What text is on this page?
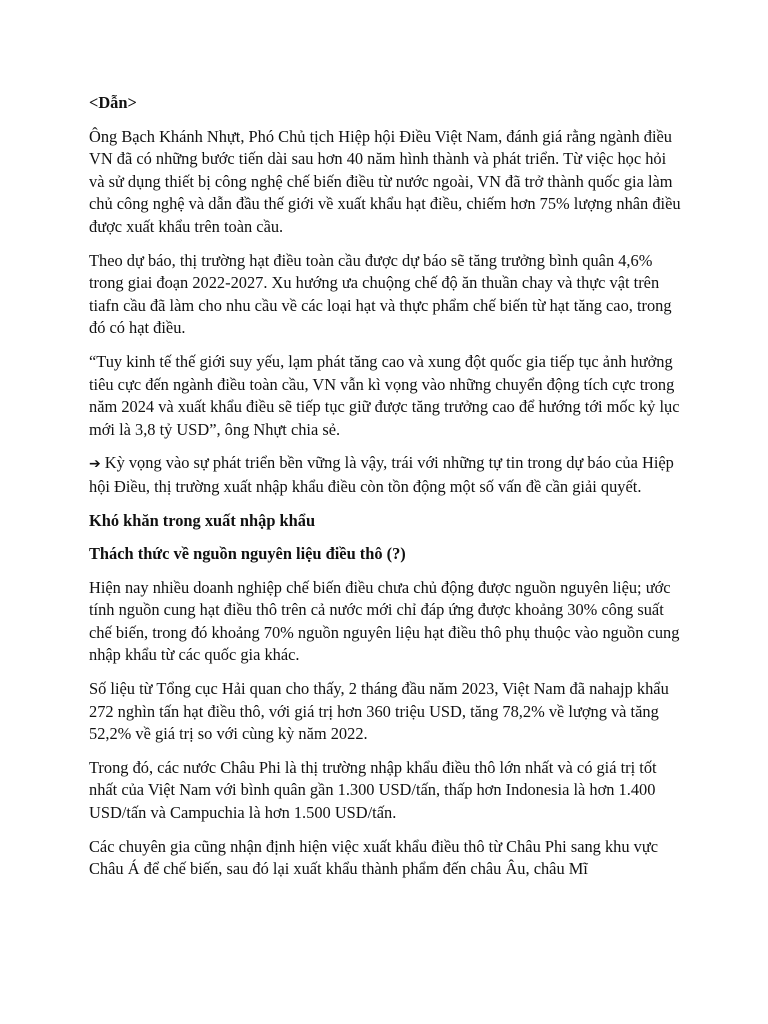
<Dẫn>

Ông Bạch Khánh Nhựt, Phó Chủ tịch Hiệp hội Điều Việt Nam, đánh giá rằng ngành điều VN đã có những bước tiến dài sau hơn 40 năm hình thành và phát triển. Từ việc học hỏi và sử dụng thiết bị công nghệ chế biến điều từ nước ngoài, VN đã trở thành quốc gia làm chủ công nghệ và dẫn đầu thế giới về xuất khẩu hạt điều, chiếm hơn 75% lượng nhân điều được xuất khẩu trên toàn cầu.

Theo dự báo, thị trường hạt điều toàn cầu được dự báo sẽ tăng trưởng bình quân 4,6% trong giai đoạn 2022-2027. Xu hướng ưa chuộng chế độ ăn thuần chay và thực vật trên tiafn cầu đã làm cho nhu cầu về các loại hạt và thực phẩm chế biến từ hạt tăng cao, trong đó có hạt điều.

“Tuy kinh tế thế giới suy yếu, lạm phát tăng cao và xung đột quốc gia tiếp tục ảnh hưởng tiêu cực đến ngành điều toàn cầu, VN vẫn kì vọng vào những chuyển động tích cực trong năm 2024 và xuất khẩu điều sẽ tiếp tục giữ được tăng trưởng cao để hướng tới mốc kỷ lục mới là 3,8 tỷ USD”, ông Nhựt chia sẻ.

➔ Kỳ vọng vào sự phát triển bền vững là vậy, trái với những tự tin trong dự báo của Hiệp hội Điều, thị trường xuất nhập khẩu điều còn tồn động một số vấn đề cần giải quyết.

Khó khăn trong xuất nhập khẩu

Thách thức về nguồn nguyên liệu điều thô (?)

Hiện nay nhiều doanh nghiệp chế biến điều chưa chủ động được nguồn nguyên liệu; ước tính nguồn cung hạt điều thô trên cả nước mới chỉ đáp ứng được khoảng 30% công suất chế biến, trong đó khoảng 70% nguồn nguyên liệu hạt điều thô phụ thuộc vào nguồn cung nhập khẩu từ các quốc gia khác.

Số liệu từ Tổng cục Hải quan cho thấy, 2 tháng đầu năm 2023, Việt Nam đã nahajp khẩu 272 nghìn tấn hạt điều thô, với giá trị hơn 360 triệu USD, tăng 78,2% về lượng và tăng 52,2% về giá trị so với cùng kỳ năm 2022.

Trong đó, các nước Châu Phi là thị trường nhập khẩu điều thô lớn nhất và có giá trị tốt nhất của Việt Nam với bình quân gần 1.300 USD/tấn, thấp hơn Indonesia là hơn 1.400 USD/tấn và Campuchia là hơn 1.500 USD/tấn.

Các chuyên gia cũng nhận định hiện việc xuất khẩu điều thô từ Châu Phi sang khu vực Châu Á để chế biến, sau đó lại xuất khẩu thành phẩm đến châu Âu, châu Mĩ
